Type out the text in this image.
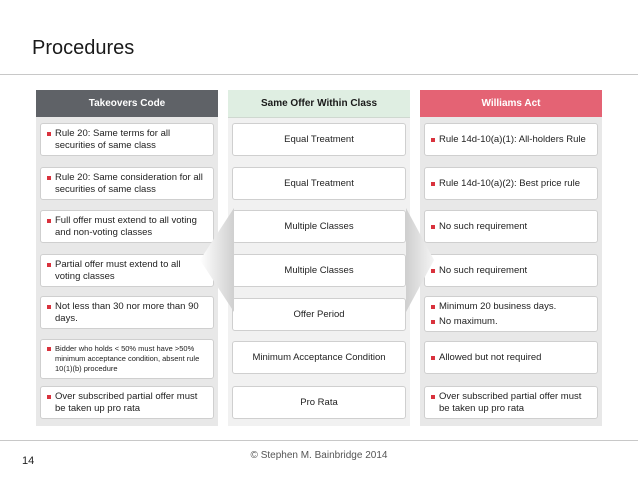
Procedures
Takeovers Code
Rule 20: Same terms for all securities of same class
Rule 20: Same consideration for all securities of same class
Full offer must extend to all voting and non-voting classes
Partial offer must extend to all voting classes
Not less than 30 nor more than 90 days.
Bidder who holds < 50% must have >50% minimum acceptance condition, absent rule 10(1)(b) procedure
Over subscribed partial offer must be taken up pro rata
Same Offer Within Class
Equal Treatment
Equal Treatment
Multiple Classes
Multiple Classes
Offer Period
Minimum Acceptance Condition
Pro Rata
Williams Act
Rule 14d-10(a)(1): All-holders Rule
Rule 14d-10(a)(2): Best price rule
No such requirement
No such requirement
Minimum 20 business days.
No maximum.
Allowed but not required
Over subscribed partial offer must be taken up pro rata
© Stephen M. Bainbridge 2014
14
